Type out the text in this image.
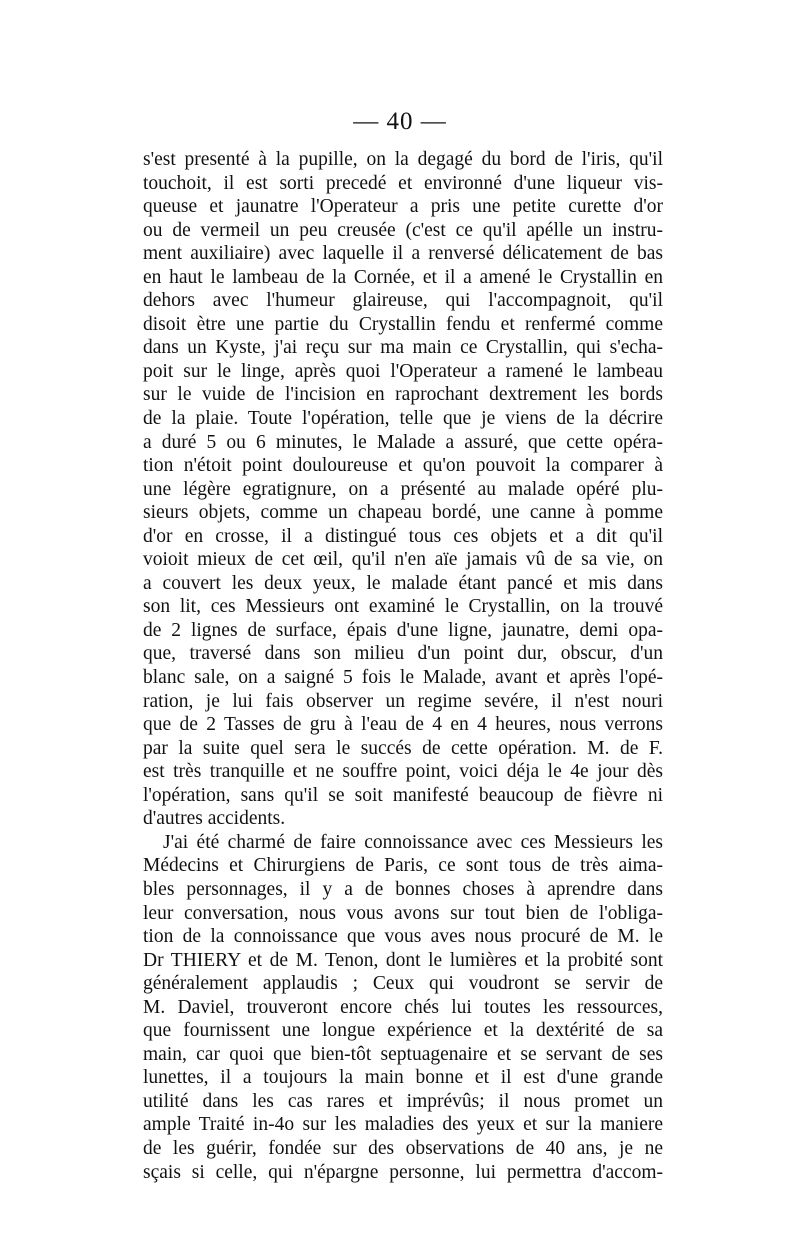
— 40 —
s'est presenté à la pupille, on la degagé du bord de l'iris, qu'il
touchoit, il est sorti precedé et environné d'une liqueur vis-
queuse et jaunatre l'Operateur a pris une petite curette d'or
ou de vermeil un peu creusée (c'est ce qu'il apélle un instru-
ment auxiliaire) avec laquelle il a renversé délicatement de bas
en haut le lambeau de la Cornée, et il a amené le Crystallin en
dehors avec l'humeur glaireuse, qui l'accompagnoit, qu'il
disoit ètre une partie du Crystallin fendu et renfermé comme
dans un Kyste, j'ai reçu sur ma main ce Crystallin, qui s'echa-
poit sur le linge, après quoi l'Operateur a ramené le lambeau
sur le vuide de l'incision en raprochant dextrement les bords
de la plaie. Toute l'opération, telle que je viens de la décrire
a duré 5 ou 6 minutes, le Malade a assuré, que cette opéra-
tion n'étoit point douloureuse et qu'on pouvoit la comparer à
une légère egratignure, on a présenté au malade opéré plu-
sieurs objets, comme un chapeau bordé, une canne à pomme
d'or en crosse, il a distingué tous ces objets et a dit qu'il
voioit mieux de cet œil, qu'il n'en aïe jamais vû de sa vie, on
a couvert les deux yeux, le malade étant pancé et mis dans
son lit, ces Messieurs ont examiné le Crystallin, on la trouvé
de 2 lignes de surface, épais d'une ligne, jaunatre, demi opa-
que, traversé dans son milieu d'un point dur, obscur, d'un
blanc sale, on a saigné 5 fois le Malade, avant et après l'opé-
ration, je lui fais observer un regime sevére, il n'est nouri
que de 2 Tasses de gru à l'eau de 4 en 4 heures, nous verrons
par la suite quel sera le succés de cette opération. M. de F.
est très tranquille et ne souffre point, voici déja le 4e jour dès
l'opération, sans qu'il se soit manifesté beaucoup de fièvre ni
d'autres accidents.
J'ai été charmé de faire connoissance avec ces Messieurs les
Médecins et Chirurgiens de Paris, ce sont tous de très aima-
bles personnages, il y a de bonnes choses à aprendre dans
leur conversation, nous vous avons sur tout bien de l'obliga-
tion de la connoissance que vous aves nous procuré de M. le
Dr THIERY et de M. Tenon, dont le lumières et la probité sont
généralement applaudis ; Ceux qui voudront se servir de
M. Daviel, trouveront encore chés lui toutes les ressources,
que fournissent une longue expérience et la dextérité de sa
main, car quoi que bien-tôt septuagenaire et se servant de ses
lunettes, il a toujours la main bonne et il est d'une grande
utilité dans les cas rares et imprévûs; il nous promet un
ample Traité in-4o sur les maladies des yeux et sur la maniere
de les guérir, fondée sur des observations de 40 ans, je ne
sçais si celle, qui n'épargne personne, lui permettra d'accom-
